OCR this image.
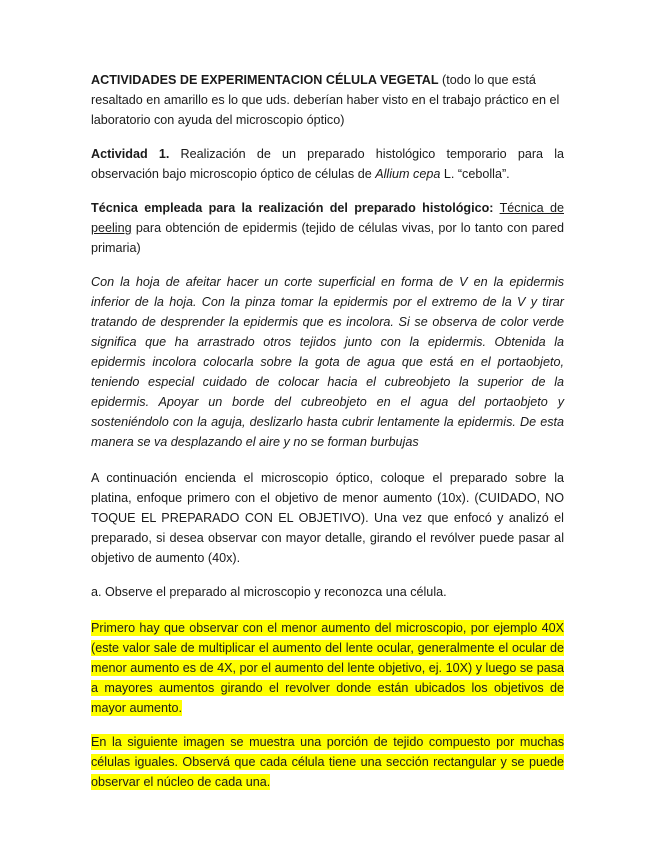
ACTIVIDADES DE EXPERIMENTACION CÉLULA VEGETAL (todo lo que está resaltado en amarillo es lo que uds. deberían haber visto en el trabajo práctico en el laboratorio con ayuda del microscopio óptico)

Actividad 1. Realización de un preparado histológico temporario para la observación bajo microscopio óptico de células de Allium cepa L. “cebolla”.

Técnica empleada para la realización del preparado histológico: Técnica de peeling para obtención de epidermis (tejido de células vivas, por lo tanto con pared primaria)

Con la hoja de afeitar hacer un corte superficial en forma de V en la epidermis inferior de la hoja. Con la pinza tomar la epidermis por el extremo de la V y tirar tratando de desprender la epidermis que es incolora. Si se observa de color verde significa que ha arrastrado otros tejidos junto con la epidermis. Obtenida la epidermis incolora colocarla sobre la gota de agua que está en el portaobjeto, teniendo especial cuidado de colocar hacia el cubreobjeto la superior de la epidermis. Apoyar un borde del cubreobjeto en el agua del portaobjeto y sosteniéndolo con la aguja, deslizarlo hasta cubrir lentamente la epidermis. De esta manera se va desplazando el aire y no se forman burbujas

A continuación encienda el microscopio óptico, coloque el preparado sobre la platina, enfoque primero con el objetivo de menor aumento (10x). (CUIDADO, NO TOQUE EL PREPARADO CON EL OBJETIVO). Una vez que enfocó y analizó el preparado, si desea observar con mayor detalle, girando el revólver puede pasar al objetivo de aumento (40x).

a. Observe el preparado al microscopio y reconozca una célula.

Primero hay que observar con el menor aumento del microscopio, por ejemplo 40X (este valor sale de multiplicar el aumento del lente ocular, generalmente el ocular de menor aumento es de 4X, por el aumento del lente objetivo, ej. 10X) y luego se pasa a mayores aumentos girando el revolver donde están ubicados los objetivos de mayor aumento.

En la siguiente imagen se muestra una porción de tejido compuesto por muchas células iguales. Observá que cada célula tiene una sección rectangular y se puede observar el núcleo de cada una.
